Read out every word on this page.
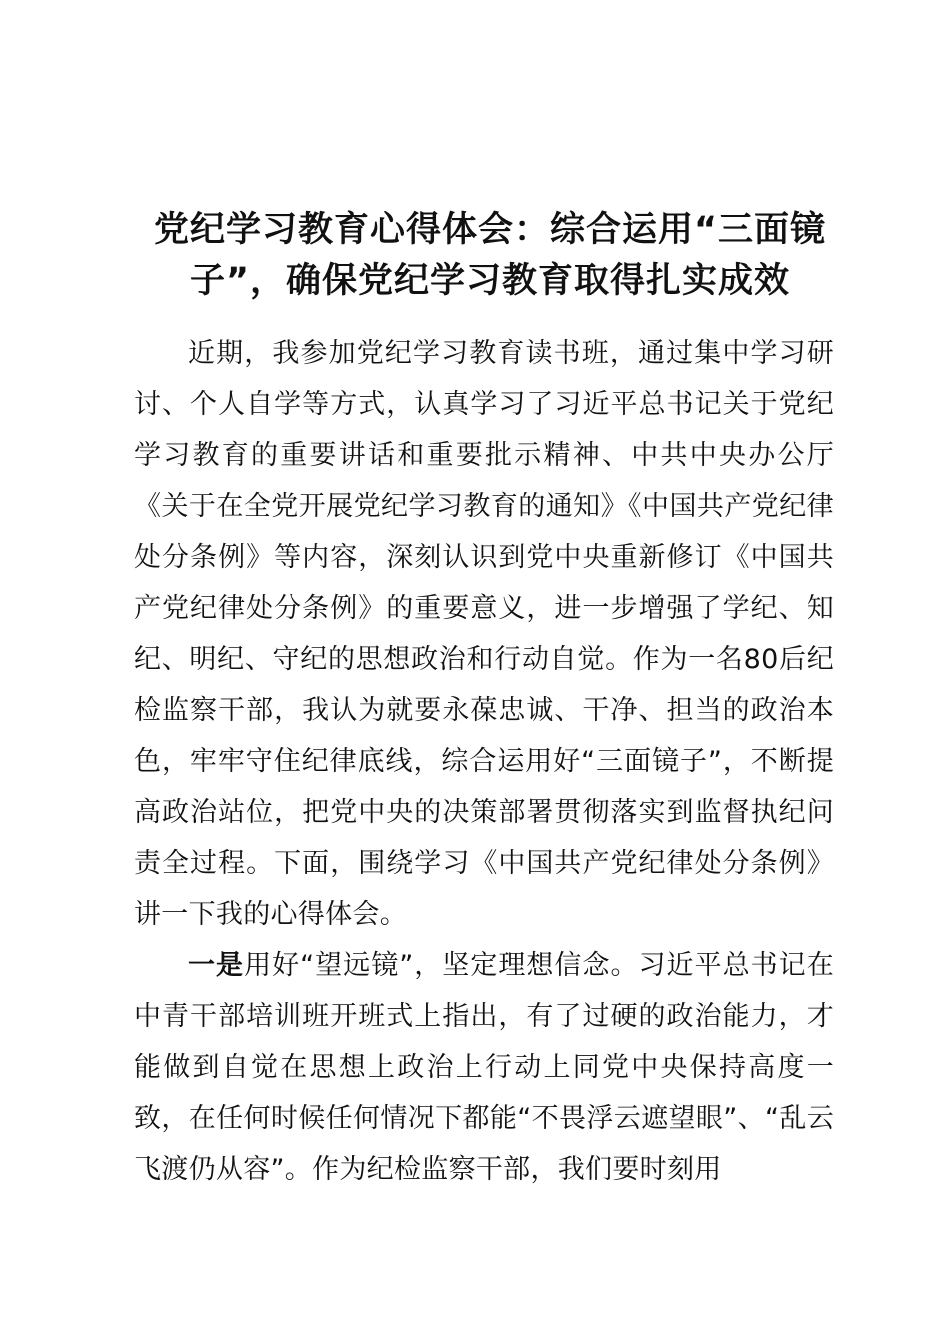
党纪学习教育心得体会：综合运用“三面镜子”，确保党纪学习教育取得扎实成效

近期，我参加党纪学习教育读书班，通过集中学习研讨、个人自学等方式，认真学习了习近平总书记关于党纪学习教育的重要讲话和重要批示精神、中共中央办公厅《关于在全党开展党纪学习教育的通知》《中国共产党纪律处分条例》等内容，深刻认识到党中央重新修订《中国共产党纪律处分条例》的重要意义，进一步增强了学纪、知纪、明纪、守纪的思想政治和行动自觉。作为一名80后纪检监察干部，我认为就要永葆忠诚、干净、担当的政治本色，牢牢守住纪律底线，综合运用好“三面镜子”，不断提高政治站位，把党中央的决策部署贯彻落实到监督执纪问责全过程。下面，围绕学习《中国共产党纪律处分条例》讲一下我的心得体会。

一是用好“望远镜”，坚定理想信念。习近平总书记在中青干部培训班开班式上指出，有了过硬的政治能力，才能做到自觉在思想上政治上行动上同党中央保持高度一致，在任何时候任何情况下都能“不畏浮云遮望眼”、“乱云飞渡仍从容”。作为纪检监察干部，我们要时刻用
